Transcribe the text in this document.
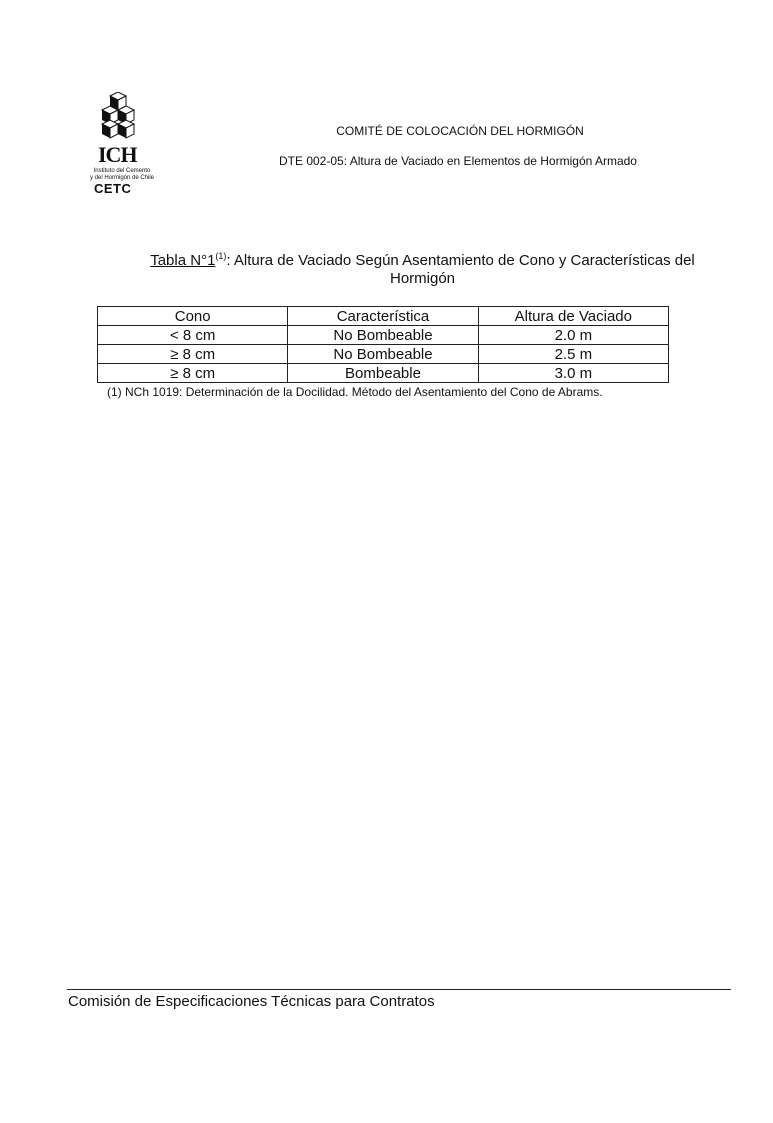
ICH
Instituto del Cemento
y del Hormigón de Chile
CETC
COMITÉ DE COLOCACIÓN DEL HORMIGÓN
DTE 002-05: Altura de Vaciado en Elementos de Hormigón Armado
Tabla N°1$^{(1)}$: Altura de Vaciado Según Asentamiento de Cono y Características del
Hormigón
Cono	Característica	Altura de Vaciado
< 8 cm	No Bombeable	2.0 m
≥ 8 cm	No Bombeable	2.5 m
≥ 8 cm	Bombeable	3.0 m
(1) NCh 1019: Determinación de la Docilidad. Método del Asentamiento del Cono de Abrams.
Comisión de Especificaciones Técnicas para Contratos
